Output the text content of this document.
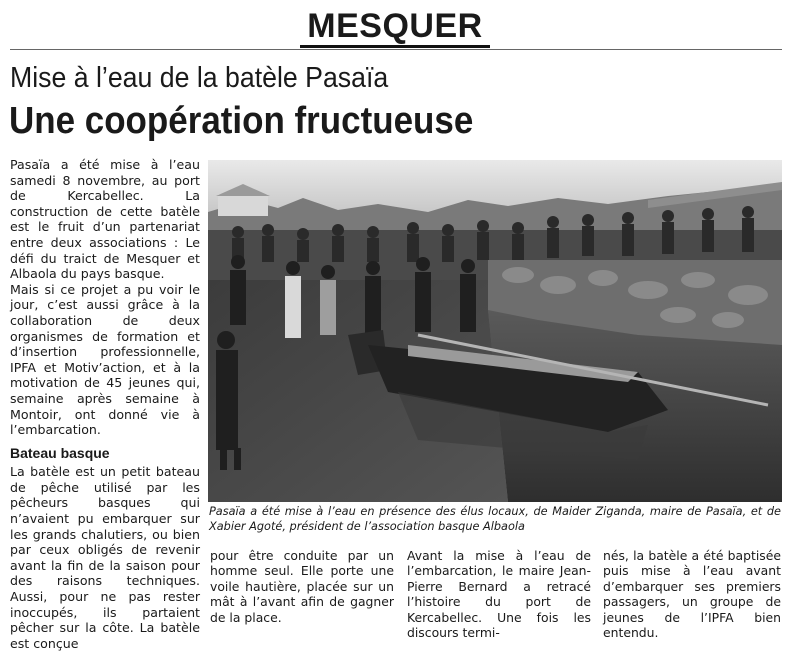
MESQUER
Mise à l’eau de la batèle Pasaïa
Une coopération fructueuse

Pasaïa a été mise à l’eau samedi 8 novembre, au port de Kercabellec. La construction de cette batèle est le fruit d’un partenariat entre deux associations : Le défi du traict de Mesquer et Albaola du pays basque.

Mais si ce projet a pu voir le jour, c’est aussi grâce à la collaboration de deux organismes de formation et d’insertion professionnelle, IPFA et Motiv’action, et à la motivation de 45 jeunes qui, semaine après semaine à Montoir, ont donné vie à l’embarcation.

Bateau basque

La batèle est un petit bateau de pêche utilisé par les pêcheurs basques qui n’avaient pu embarquer sur les grands chalutiers, ou bien par ceux obligés de revenir avant la fin de la saison pour des raisons techniques. Aussi, pour ne pas rester inoccupés, ils partaient pêcher sur la côte. La batèle est conçue

Pasaïa a été mise à l’eau en présence des élus locaux, de Maider Ziganda, maire de Pasaïa, et de Xabier Agoté, président de l’association basque Albaola
pour être conduite par un homme seul. Elle porte une voile hautière, placée sur un mât à l’avant afin de gagner de la place.
Avant la mise à l’eau de l’embarcation, le maire Jean-Pierre Bernard a retracé l’histoire du port de Kercabellec. Une fois les discours termi-
nés, la batèle a été baptisée puis mise à l’eau avant d’embarquer ses premiers passagers, un groupe de jeunes de l’IPFA bien entendu.
